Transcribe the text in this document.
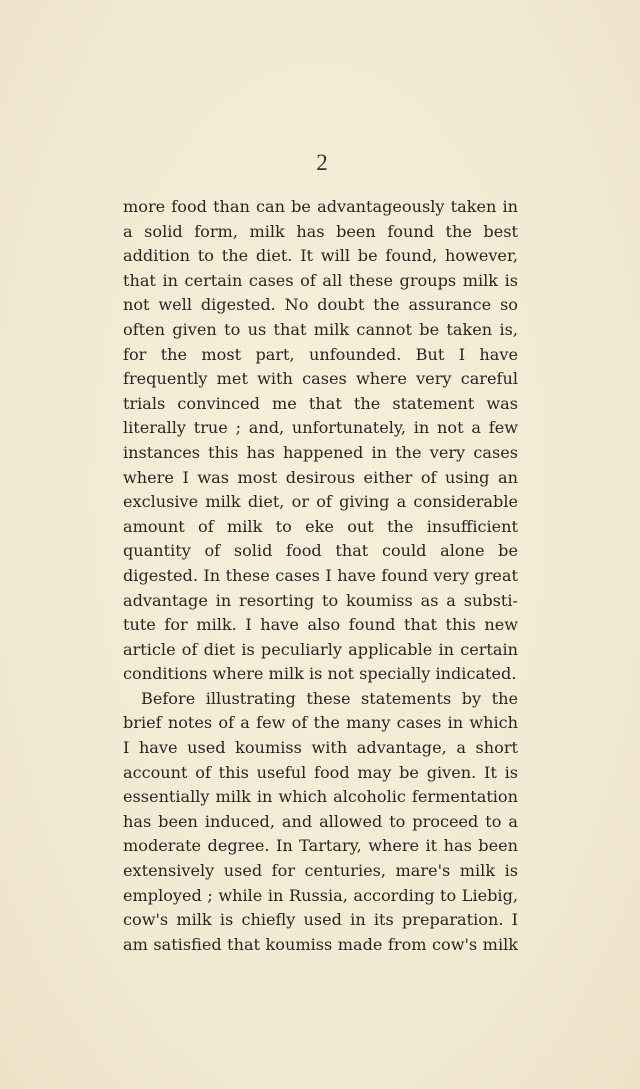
2
more food than can be advantageously taken in
a solid form, milk has been found the best
addition to the diet. It will be found, however,
that in certain cases of all these groups milk is
not well digested. No doubt the assurance so
often given to us that milk cannot be taken is,
for the most part, unfounded. But I have
frequently met with cases where very careful
trials convinced me that the statement was
literally true ; and, unfortunately, in not a few
instances this has happened in the very cases
where I was most desirous either of using an
exclusive milk diet, or of giving a considerable
amount of milk to eke out the insufficient
quantity of solid food that could alone be
digested. In these cases I have found very great
advantage in resorting to koumiss as a substi-
tute for milk. I have also found that this new
article of diet is peculiarly applicable in certain
conditions where milk is not specially indicated.
Before illustrating these statements by the
brief notes of a few of the many cases in which
I have used koumiss with advantage, a short
account of this useful food may be given. It is
essentially milk in which alcoholic fermentation
has been induced, and allowed to proceed to a
moderate degree. In Tartary, where it has been
extensively used for centuries, mare's milk is
employed ; while in Russia, according to Liebig,
cow's milk is chiefly used in its preparation. I
am satisfied that koumiss made from cow's milk
